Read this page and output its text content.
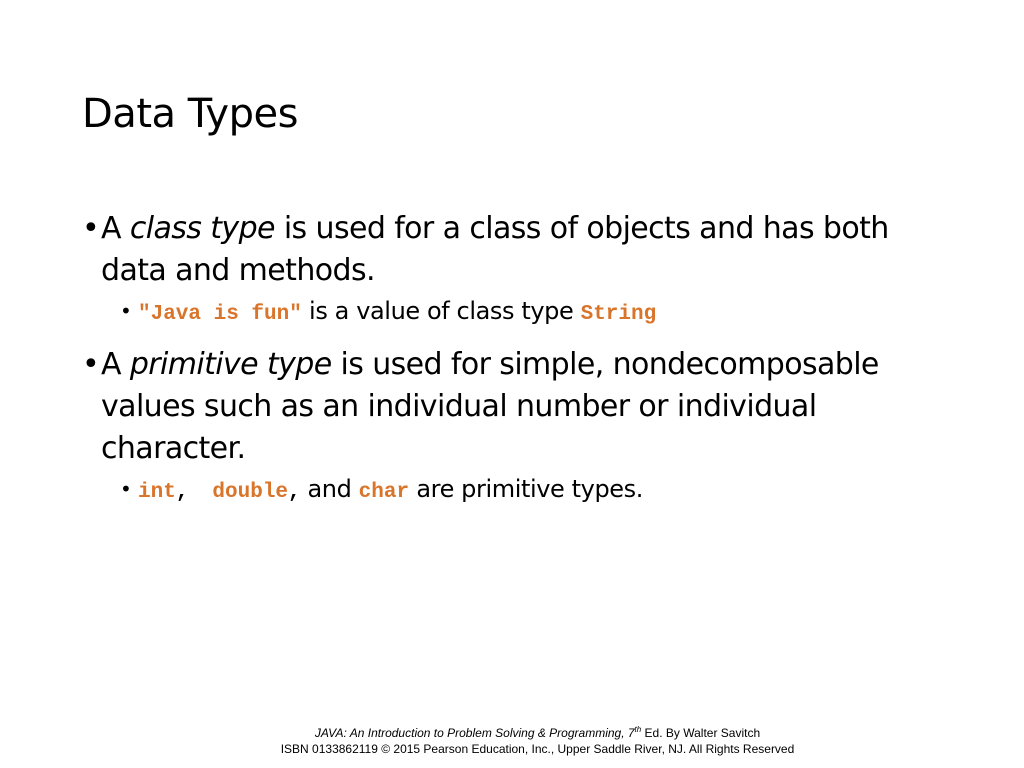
Data Types
• A class type is used for a class of objects and has both data and methods.
• "Java is fun" is a value of class type String
• A primitive type is used for simple, nondecomposable values such as an individual number or individual character.
• int,  double, and char are primitive types.
JAVA: An Introduction to Problem Solving & Programming, 7th Ed. By Walter Savitch
ISBN 0133862119 © 2015 Pearson Education, Inc., Upper Saddle River, NJ. All Rights Reserved
